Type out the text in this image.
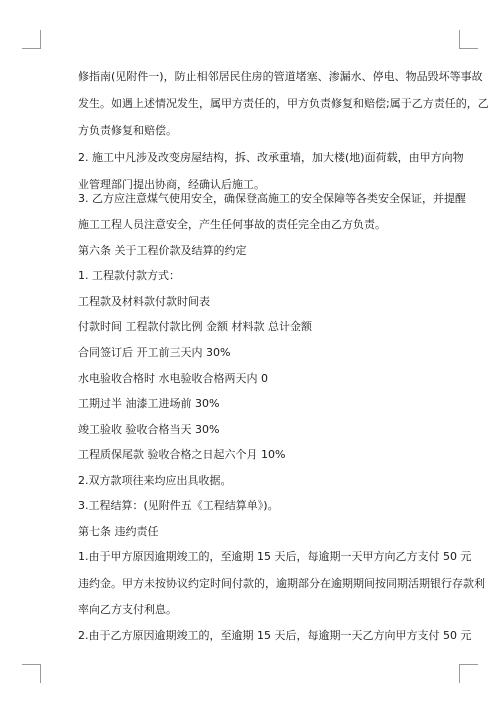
修指南(见附件一)，防止相邻居民住房的管道堵塞、渗漏水、停电、物品毁坏等事故
发生。如遇上述情况发生，属甲方责任的，甲方负责修复和赔偿;属于乙方责任的，乙
方负责修复和赔偿。
2. 施工中凡涉及改变房屋结构，拆、改承重墙，加大楼(地)面荷载，由甲方向物
业管理部门提出协商，经确认后施工。
3. 乙方应注意煤气使用安全，确保登高施工的安全保障等各类安全保证，并提醒
施工工程人员注意安全，产生任何事故的责任完全由乙方负责。
第六条 关于工程价款及结算的约定
1. 工程款付款方式：
工程款及材料款付款时间表
付款时间 工程款付款比例 金额 材料款 总计金额
合同签订后 开工前三天内 30%
水电验收合格时 水电验收合格两天内 0
工期过半 油漆工进场前 30%
竣工验收 验收合格当天 30%
工程质保尾款 验收合格之日起六个月 10%
2.双方款项往来均应出具收据。
3.工程结算：(见附件五《工程结算单》)。
第七条 违约责任
1.由于甲方原因逾期竣工的，至逾期 15 天后，每逾期一天甲方向乙方支付 50 元
违约金。甲方未按协议约定时间付款的，逾期部分在逾期期间按同期活期银行存款利
率向乙方支付利息。
2.由于乙方原因逾期竣工的，至逾期 15 天后，每逾期一天乙方向甲方支付 50 元
